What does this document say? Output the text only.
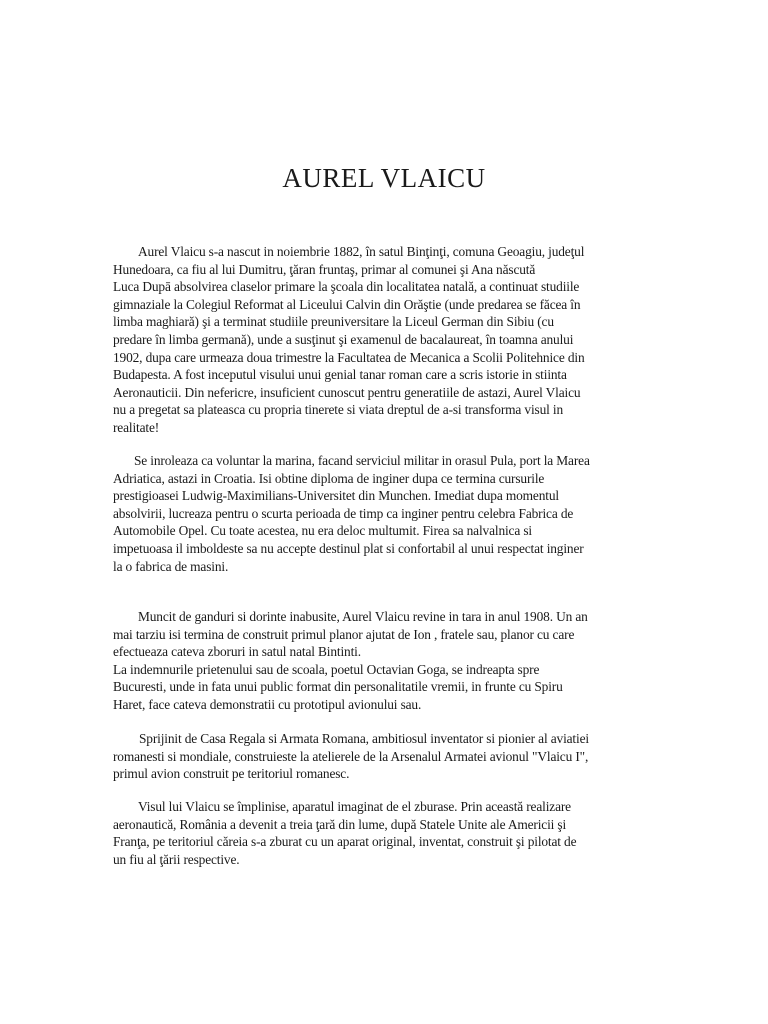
AUREL VLAICU
Aurel Vlaicu s-a nascut in noiembrie 1882, în satul Binţinţi, comuna Geoagiu, judeţul
Hunedoara, ca fiu al lui Dumitru, ţăran fruntaş, primar al comunei şi Ana născută
Luca Dupā absolvirea claselor primare la şcoala din localitatea natală, a continuat studiile
gimnaziale la Colegiul Reformat al Liceului Calvin din Orăştie (unde predarea se făcea în
limba maghiară) şi a terminat studiile preuniversitare la Liceul German din Sibiu (cu
predare în limba germană), unde a susţinut şi examenul de bacalaureat, în toamna anului
1902, dupa care urmeaza doua trimestre la Facultatea de Mecanica a Scolii Politehnice din
Budapesta. A fost inceputul visului unui genial tanar roman care a scris istorie in stiinta
Aeronauticii. Din nefericre, insuficient cunoscut pentru generatiile de astazi, Aurel Vlaicu
nu a pregetat sa plateasca cu propria tinerete si viata dreptul de a-si transforma visul in
realitate!
Se inroleaza ca voluntar la marina, facand serviciul militar in orasul Pula, port la Marea
Adriatica, astazi in Croatia. Isi obtine diploma de inginer dupa ce termina cursurile
prestigioasei Ludwig-Maximilians-Universitet din Munchen. Imediat dupa momentul
absolvirii, lucreaza pentru o scurta perioada de timp ca inginer pentru celebra Fabrica de
Automobile Opel. Cu toate acestea, nu era deloc multumit. Firea sa nalvalnica si
impetuoasa il imboldeste sa nu accepte destinul plat si confortabil al unui respectat inginer
la o fabrica de masini.
Muncit de ganduri si dorinte inabusite, Aurel Vlaicu revine in tara in anul 1908. Un an
mai tarziu isi termina de construit primul planor ajutat de Ion , fratele sau, planor cu care
efectueaza cateva zboruri in satul natal Bintinti.
La indemnurile prietenului sau de scoala, poetul Octavian Goga, se indreapta spre
Bucuresti, unde in fata unui public format din personalitatile vremii, in frunte cu Spiru
Haret, face cateva demonstratii cu prototipul avionului sau.
Sprijinit de Casa Regala si Armata Romana, ambitiosul inventator si pionier al aviatiei
romanesti si mondiale, construieste la atelierele de la Arsenalul Armatei avionul "Vlaicu I",
primul avion construit pe teritoriul romanesc.
Visul lui Vlaicu se împlinise, aparatul imaginat de el zburase. Prin această realizare
aeronautică, România a devenit a treia ţară din lume, după Statele Unite ale Americii şi
Franţa, pe teritoriul căreia s-a zburat cu un aparat original, inventat, construit şi pilotat de
un fiu al ţării respective.
